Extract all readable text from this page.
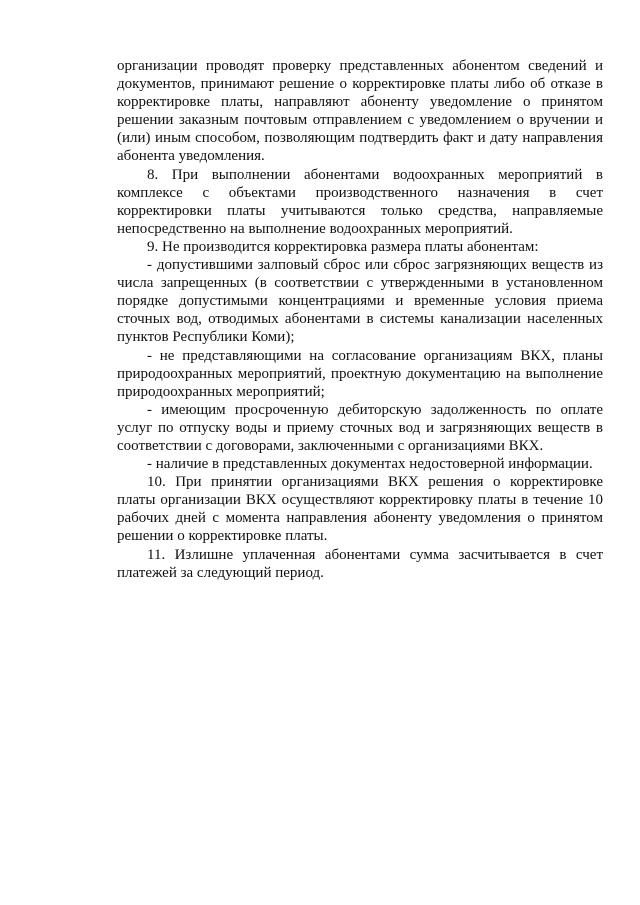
организации проводят проверку представленных абонентом сведений и документов, принимают решение о корректировке платы либо об отказе в корректировке платы, направляют абоненту уведомление о принятом решении заказным почтовым отправлением с уведомлением о вручении и (или) иным способом, позволяющим подтвердить факт и дату направления абонента уведомления.

8. При выполнении абонентами водоохранных мероприятий в комплексе с объектами производственного назначения в счет корректировки платы учитываются только средства, направляемые непосредственно на выполнение водоохранных мероприятий.

9. Не производится корректировка размера платы абонентам:

- допустившими залповый сброс или сброс загрязняющих веществ из числа запрещенных (в соответствии с утвержденными в установленном порядке допустимыми концентрациями и временные условия приема сточных вод, отводимых абонентами в системы канализации населенных пунктов Республики Коми);

- не представляющими на согласование организациям ВКХ, планы природоохранных мероприятий, проектную документацию на выполнение природоохранных мероприятий;

- имеющим просроченную дебиторскую задолженность по оплате услуг по отпуску воды и приему сточных вод и загрязняющих веществ в соответствии с договорами, заключенными с организациями ВКХ.

- наличие в представленных документах недостоверной информации.

10. При принятии организациями ВКХ решения о корректировке платы организации ВКХ осуществляют корректировку платы в течение 10 рабочих дней с момента направления абоненту уведомления о принятом решении о корректировке платы.

11. Излишне уплаченная абонентами сумма засчитывается в счет платежей за следующий период.
